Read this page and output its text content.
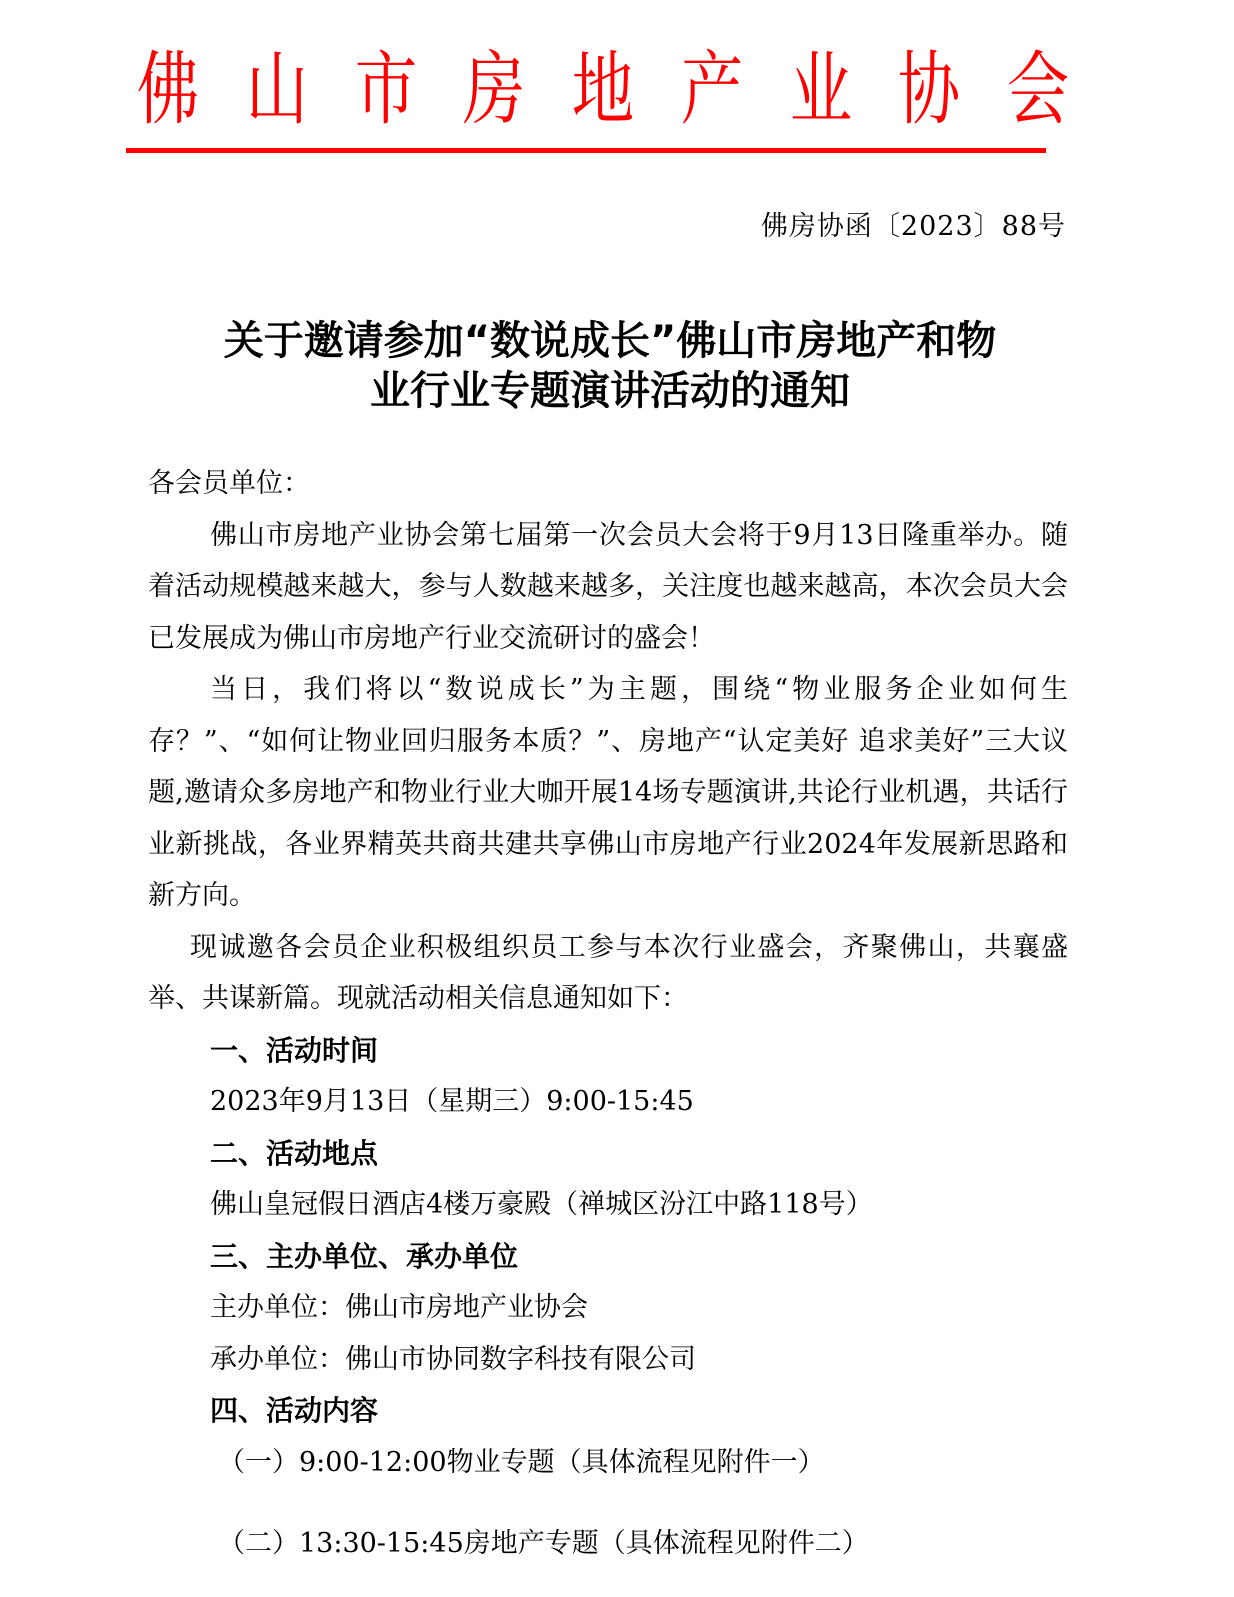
佛 山 市 房 地 产 业 协 会
佛房协函〔2023〕88号
关于邀请参加“数说成长”佛山市房地产和物
业行业专题演讲活动的通知

各会员单位：

佛山市房地产业协会第七届第一次会员大会将于9月13日隆重举办。随着活动规模越来越大，参与人数越来越多，关注度也越来越高，本次会员大会已发展成为佛山市房地产行业交流研讨的盛会！

当日，我们将以“数说成长”为主题，围绕“物业服务企业如何生存？”、“如何让物业回归服务本质？”、房地产“认定美好 追求美好”三大议题,邀请众多房地产和物业行业大咖开展14场专题演讲,共论行业机遇，共话行业新挑战，各业界精英共商共建共享佛山市房地产行业2024年发展新思路和新方向。

现诚邀各会员企业积极组织员工参与本次行业盛会，齐聚佛山，共襄盛举、共谋新篇。现就活动相关信息通知如下：

一、活动时间

2023年9月13日（星期三）9:00-15:45

二、活动地点

佛山皇冠假日酒店4楼万豪殿（禅城区汾江中路118号）

三、主办单位、承办单位

主办单位：佛山市房地产业协会

承办单位：佛山市协同数字科技有限公司

四、活动内容

（一）9:00-12:00物业专题（具体流程见附件一）

（二）13:30-15:45房地产专题（具体流程见附件二）
